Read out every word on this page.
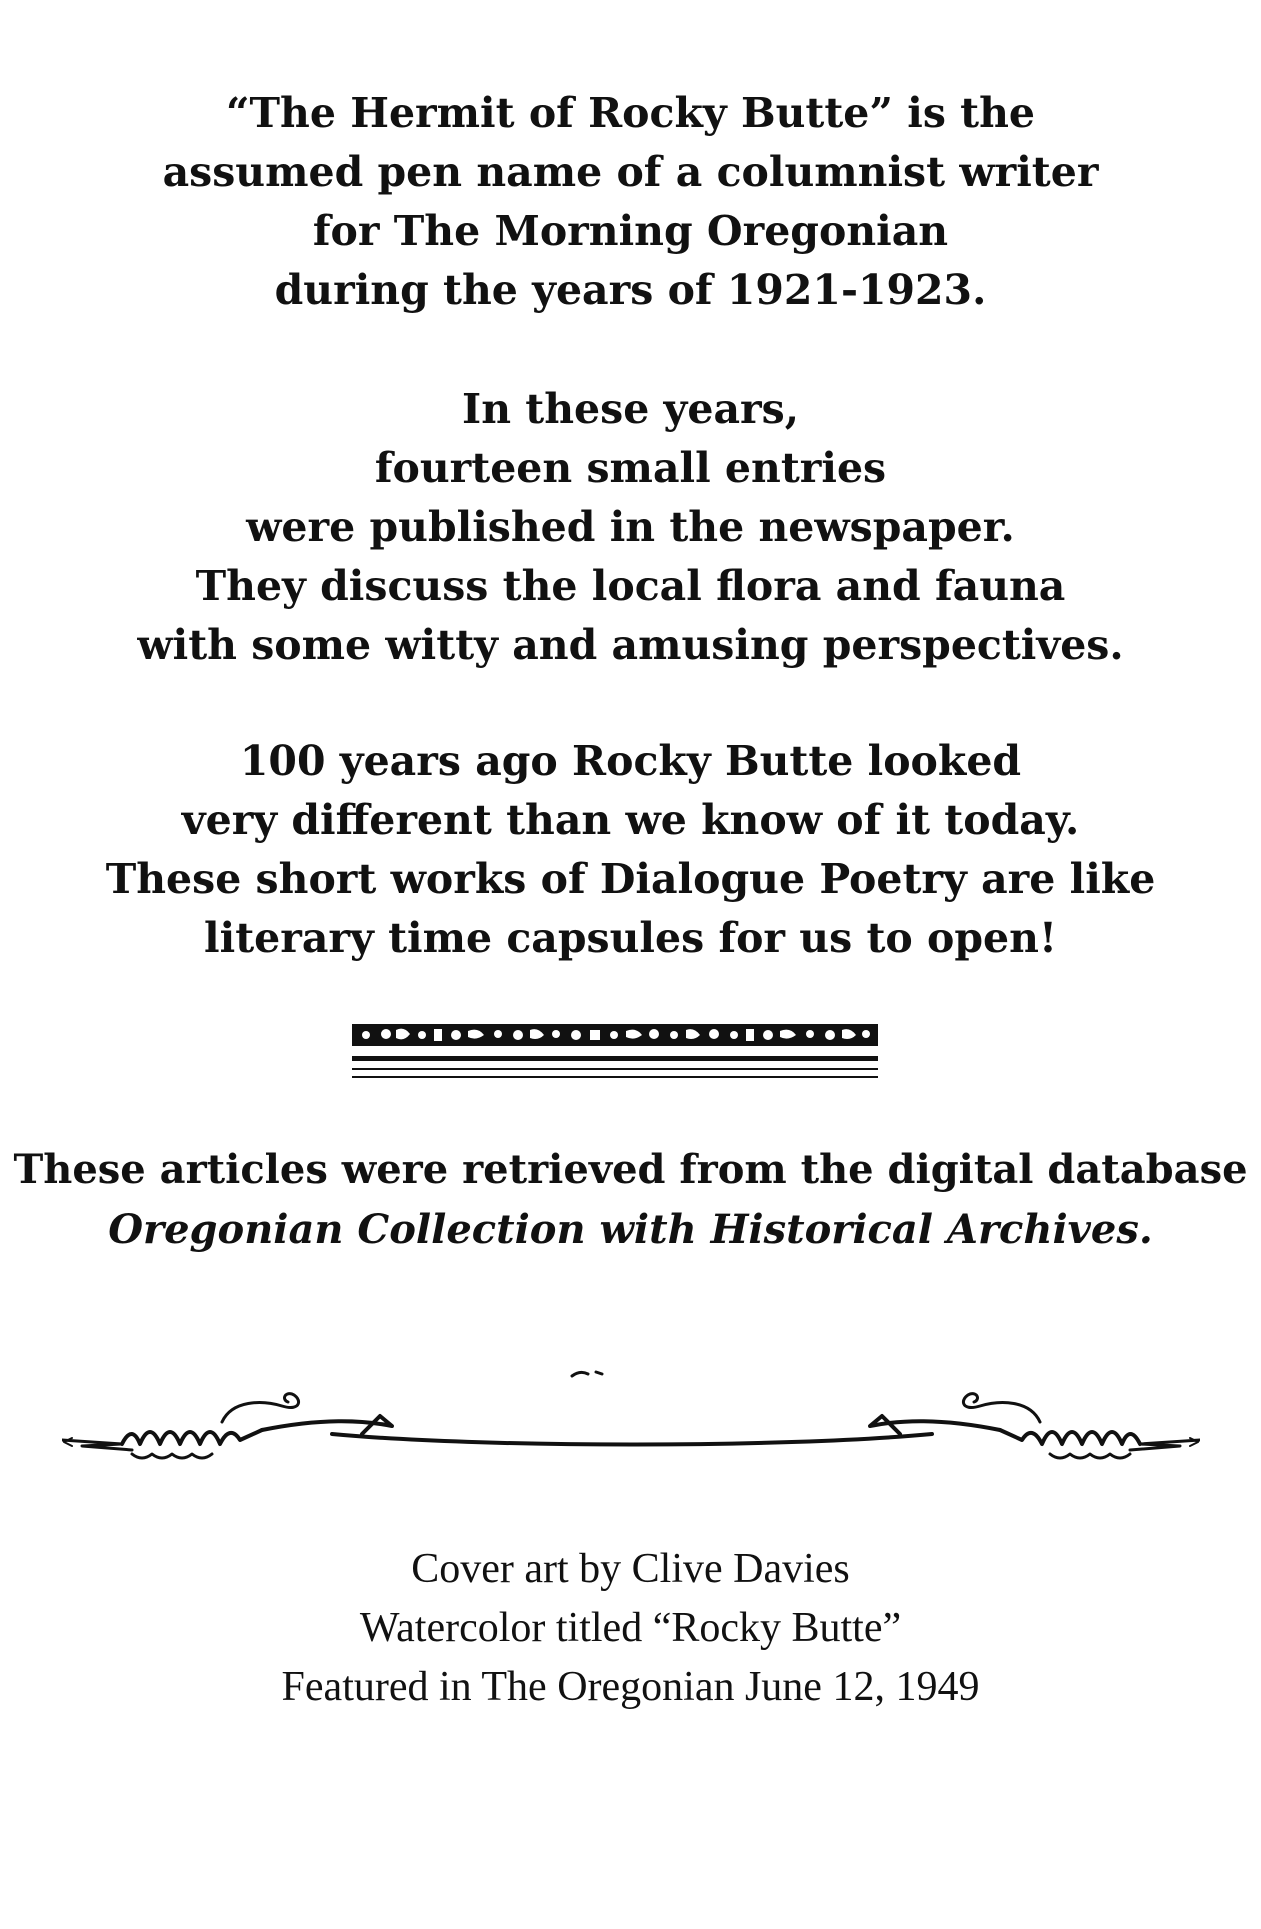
“The Hermit of Rocky Butte” is the
assumed pen name of a columnist writer
for The Morning Oregonian
during the years of 1921-1923.
In these years,
fourteen small entries
were published in the newspaper.
They discuss the local flora and fauna
with some witty and amusing perspectives.
100 years ago Rocky Butte looked
very different than we know of it today.
These short works of Dialogue Poetry are like
literary time capsules for us to open!
These articles were retrieved from the digital database
Oregonian Collection with Historical Archives.
Cover art by Clive Davies
Watercolor titled “Rocky Butte”
Featured in The Oregonian June 12, 1949
